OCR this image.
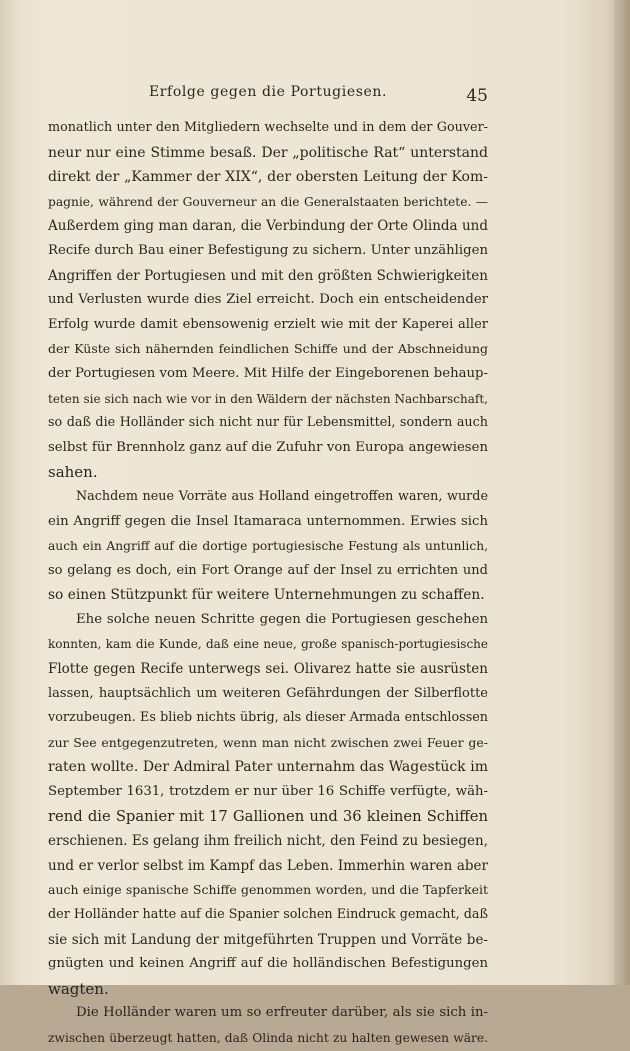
Erfolge gegen die Portugiesen.	45
monatlich unter den Mitgliedern wechselte und in dem der Gouver-
neur nur eine Stimme besaß. Der „politische Rat“ unterstand
direkt der „Kammer der XIX“, der obersten Leitung der Kom-
pagnie, während der Gouverneur an die Generalstaaten berichtete. —
Außerdem ging man daran, die Verbindung der Orte Olinda und
Recife durch Bau einer Befestigung zu sichern. Unter unzähligen
Angriffen der Portugiesen und mit den größten Schwierigkeiten
und Verlusten wurde dies Ziel erreicht. Doch ein entscheidender
Erfolg wurde damit ebensowenig erzielt wie mit der Kaperei aller
der Küste sich nähernden feindlichen Schiffe und der Abschneidung
der Portugiesen vom Meere. Mit Hilfe der Eingeborenen behaup-
teten sie sich nach wie vor in den Wäldern der nächsten Nachbarschaft,
so daß die Holländer sich nicht nur für Lebensmittel, sondern auch
selbst für Brennholz ganz auf die Zufuhr von Europa angewiesen
sahen.
Nachdem neue Vorräte aus Holland eingetroffen waren, wurde
ein Angriff gegen die Insel Itamaraca unternommen. Erwies sich
auch ein Angriff auf die dortige portugiesische Festung als untunlich,
so gelang es doch, ein Fort Orange auf der Insel zu errichten und
so einen Stützpunkt für weitere Unternehmungen zu schaffen.
Ehe solche neuen Schritte gegen die Portugiesen geschehen
konnten, kam die Kunde, daß eine neue, große spanisch-portugiesische
Flotte gegen Recife unterwegs sei. Olivarez hatte sie ausrüsten
lassen, hauptsächlich um weiteren Gefährdungen der Silberflotte
vorzubeugen. Es blieb nichts übrig, als dieser Armada entschlossen
zur See entgegenzutreten, wenn man nicht zwischen zwei Feuer ge-
raten wollte. Der Admiral Pater unternahm das Wagestück im
September 1631, trotzdem er nur über 16 Schiffe verfügte, wäh-
rend die Spanier mit 17 Gallionen und 36 kleinen Schiffen
erschienen. Es gelang ihm freilich nicht, den Feind zu besiegen,
und er verlor selbst im Kampf das Leben. Immerhin waren aber
auch einige spanische Schiffe genommen worden, und die Tapferkeit
der Holländer hatte auf die Spanier solchen Eindruck gemacht, daß
sie sich mit Landung der mitgeführten Truppen und Vorräte be-
gnügten und keinen Angriff auf die holländischen Befestigungen
wagten.
Die Holländer waren um so erfreuter darüber, als sie sich in-
zwischen überzeugt hatten, daß Olinda nicht zu halten gewesen wäre.
